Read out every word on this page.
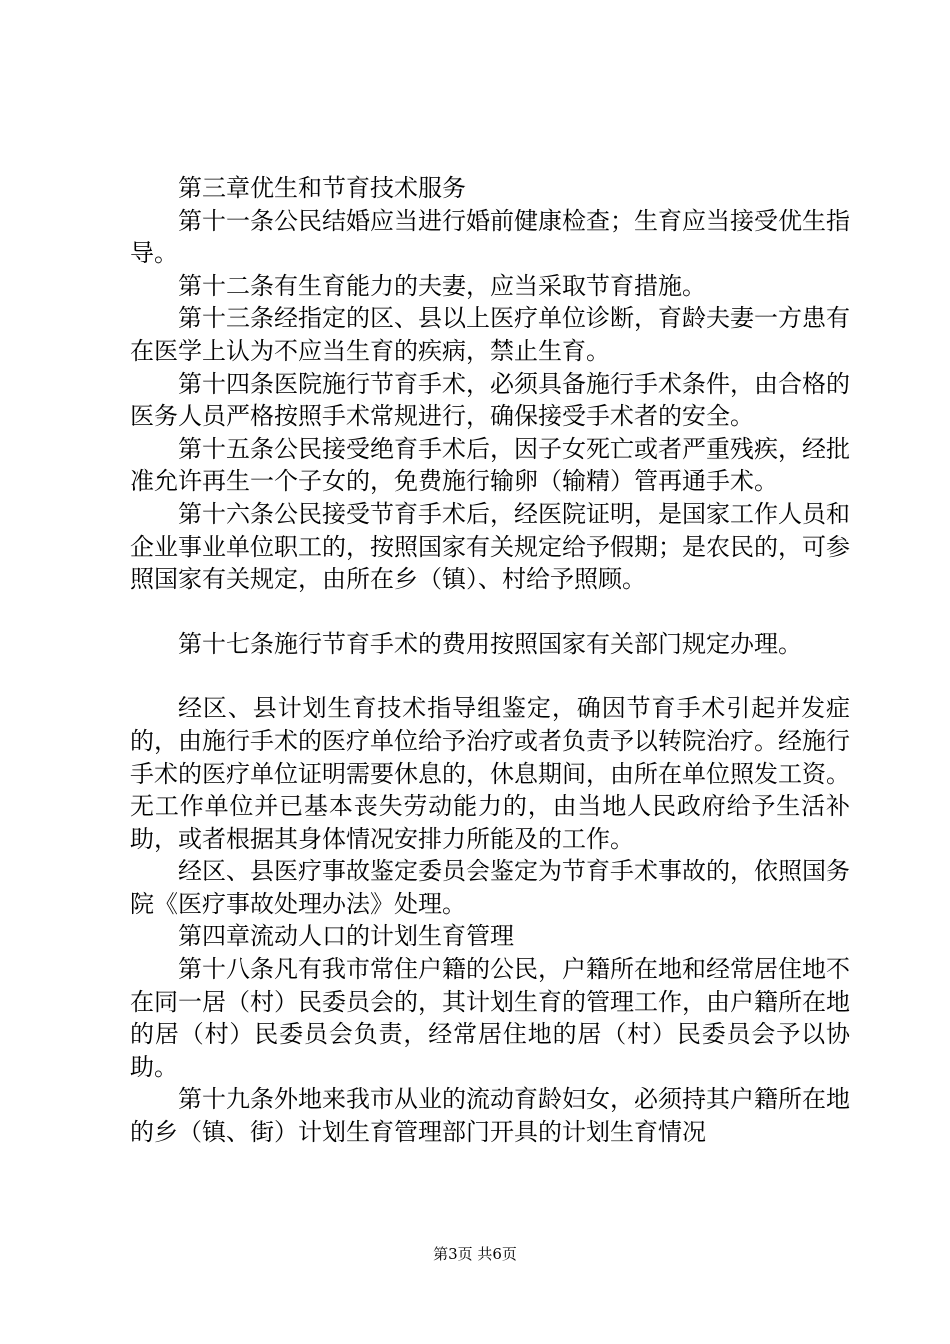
第三章优生和节育技术服务

第十一条公民结婚应当进行婚前健康检查；生育应当接受优生指导。

第十二条有生育能力的夫妻，应当采取节育措施。

第十三条经指定的区、县以上医疗单位诊断，育龄夫妻一方患有在医学上认为不应当生育的疾病，禁止生育。

第十四条医院施行节育手术，必须具备施行手术条件，由合格的医务人员严格按照手术常规进行，确保接受手术者的安全。

第十五条公民接受绝育手术后，因子女死亡或者严重残疾，经批准允许再生一个子女的，免费施行输卵（输精）管再通手术。

第十六条公民接受节育手术后，经医院证明，是国家工作人员和企业事业单位职工的，按照国家有关规定给予假期；是农民的，可参照国家有关规定，由所在乡（镇）、村给予照顾。

第十七条施行节育手术的费用按照国家有关部门规定办理。

经区、县计划生育技术指导组鉴定，确因节育手术引起并发症的，由施行手术的医疗单位给予治疗或者负责予以转院治疗。经施行手术的医疗单位证明需要休息的，休息期间，由所在单位照发工资。无工作单位并已基本丧失劳动能力的，由当地人民政府给予生活补助，或者根据其身体情况安排力所能及的工作。

经区、县医疗事故鉴定委员会鉴定为节育手术事故的，依照国务院《医疗事故处理办法》处理。

第四章流动人口的计划生育管理

第十八条凡有我市常住户籍的公民，户籍所在地和经常居住地不在同一居（村）民委员会的，其计划生育的管理工作，由户籍所在地的居（村）民委员会负责，经常居住地的居（村）民委员会予以协助。

第十九条外地来我市从业的流动育龄妇女，必须持其户籍所在地的乡（镇、街）计划生育管理部门开具的计划生育情况

第3页 共6页
